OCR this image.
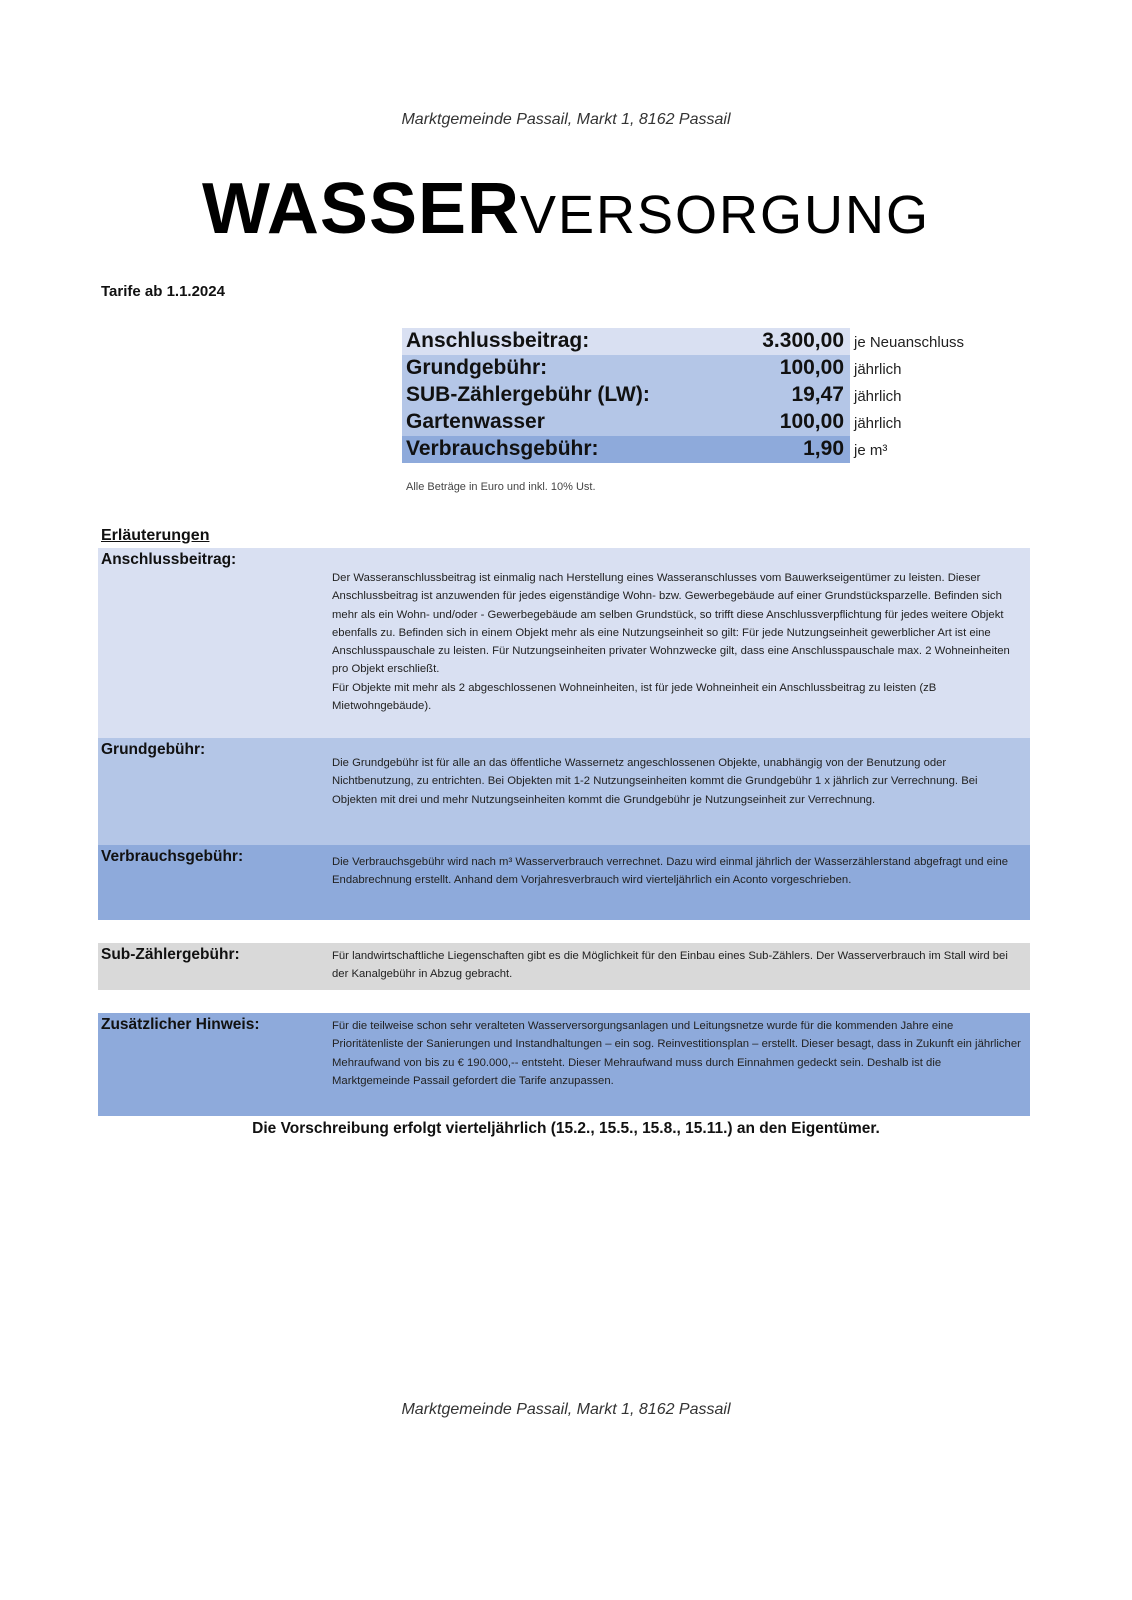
Marktgemeinde Passail, Markt 1, 8162 Passail
WASSERVERSORGUNG
Tarife ab 1.1.2024
Anschlussbeitrag:	3.300,00 je Neuanschluss
Grundgebühr:	100,00 jährlich
SUB-Zählergebühr (LW):	19,47 jährlich
Gartenwasser	100,00 jährlich
Verbrauchsgebühr:	1,90 je m³
Alle Beträge in Euro und inkl. 10% Ust.
Erläuterungen
Anschlussbeitrag:
Der Wasseranschlussbeitrag ist einmalig nach Herstellung eines Wasseranschlusses vom Bauwerkseigentümer zu leisten. Dieser Anschlussbeitrag ist anzuwenden für jedes eigenständige Wohn- bzw. Gewerbegebäude auf einer Grundstücksparzelle. Befinden sich mehr als ein Wohn- und/oder - Gewerbegebäude am selben Grundstück, so trifft diese Anschlussverpflichtung für jedes weitere Objekt ebenfalls zu. Befinden sich in einem Objekt mehr als eine Nutzungseinheit so gilt: Für jede Nutzungseinheit gewerblicher Art ist eine Anschlusspauschale zu leisten. Für Nutzungseinheiten privater Wohnzwecke gilt, dass eine Anschlusspauschale max. 2 Wohneinheiten pro Objekt erschließt.
Für Objekte mit mehr als 2 abgeschlossenen Wohneinheiten, ist für jede Wohneinheit ein Anschlussbeitrag zu leisten (zB Mietwohngebäude).
Grundgebühr:
Die Grundgebühr ist für alle an das öffentliche Wassernetz angeschlossenen Objekte, unabhängig von der Benutzung oder Nichtbenutzung, zu entrichten. Bei Objekten mit 1-2 Nutzungseinheiten kommt die Grundgebühr 1 x jährlich zur Verrechnung. Bei Objekten mit drei und mehr Nutzungseinheiten kommt die Grundgebühr je Nutzungseinheit zur Verrechnung.
Verbrauchsgebühr:	Die Verbrauchsgebühr wird nach m³ Wasserverbrauch verrechnet. Dazu wird einmal jährlich der Wasserzählerstand abgefragt und eine Endabrechnung erstellt. Anhand dem Vorjahresverbrauch wird vierteljährlich ein Aconto vorgeschrieben.
Sub-Zählergebühr:	Für landwirtschaftliche Liegenschaften gibt es die Möglichkeit für den Einbau eines Sub-Zählers. Der Wasserverbrauch im Stall wird bei der Kanalgebühr in Abzug gebracht.
Zusätzlicher Hinweis:	Für die teilweise schon sehr veralteten Wasserversorgungsanlagen und Leitungsnetze wurde für die kommenden Jahre eine Prioritätenliste der Sanierungen und Instandhaltungen – ein sog. Reinvestitionsplan – erstellt. Dieser besagt, dass in Zukunft ein jährlicher Mehraufwand von bis zu € 190.000,-- entsteht. Dieser Mehraufwand muss durch Einnahmen gedeckt sein. Deshalb ist die Marktgemeinde Passail gefordert die Tarife anzupassen.
Die Vorschreibung erfolgt vierteljährlich (15.2., 15.5., 15.8., 15.11.) an den Eigentümer.
Marktgemeinde Passail, Markt 1, 8162 Passail
